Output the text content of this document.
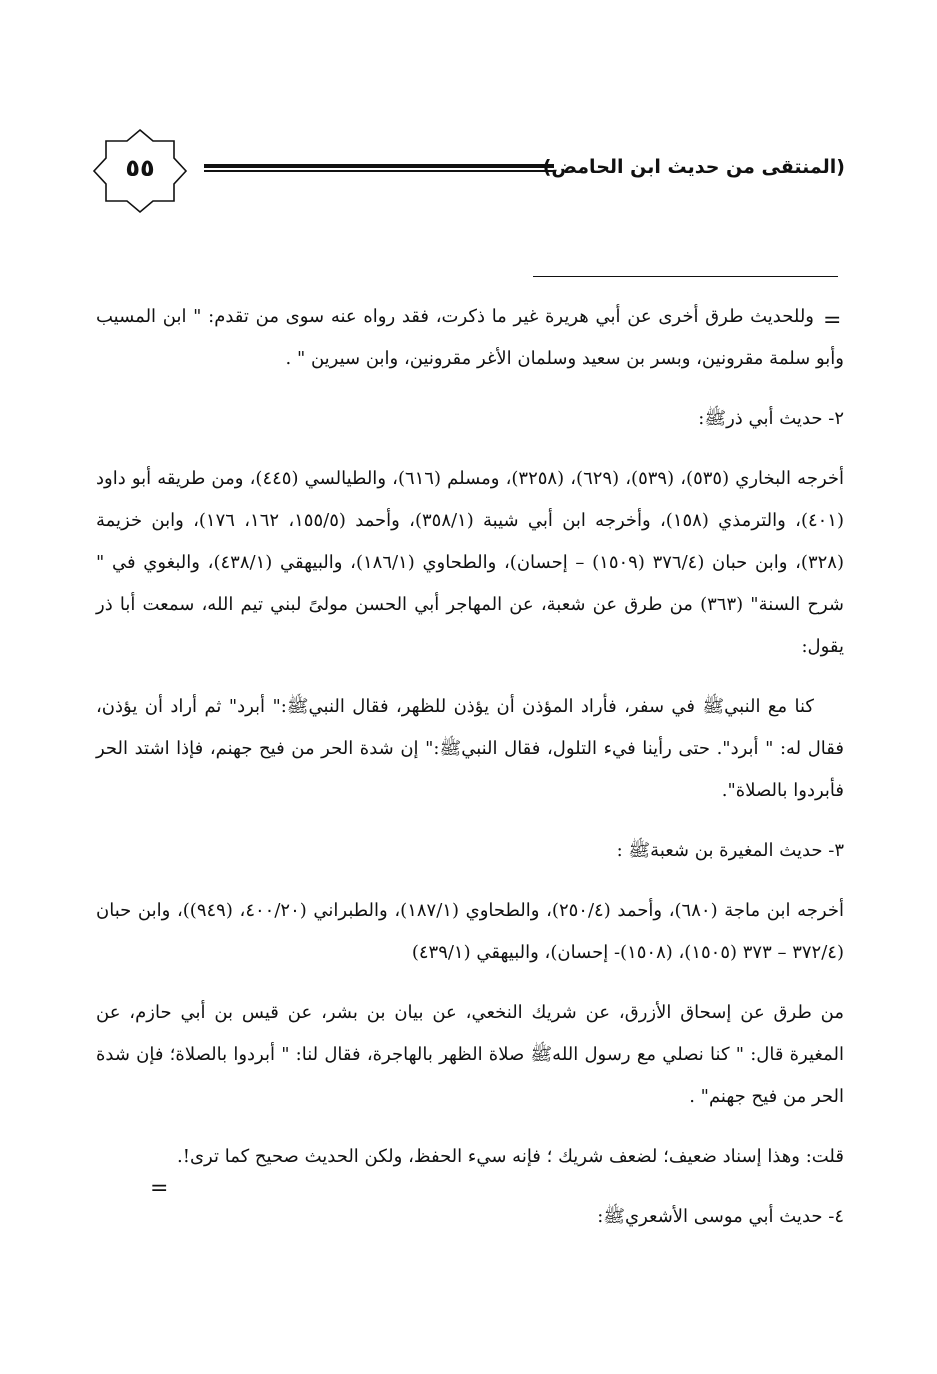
٥٥	(المنتقى من حديث ابن الحامض)
=

وللحديث طرق أخرى عن أبي هريرة غير ما ذكرت، فقد رواه عنه سوى من تقدم: " ابن المسيب وأبو سلمة مقرونين، وبسر بن سعيد وسلمان الأغر مقرونين، وابن سيرين " .

٢- حديث أبي ذرﷺ:

أخرجه البخاري (٥٣٥)، (٥٣٩)، (٦٢٩)، (٣٢٥٨)، ومسلم (٦١٦)، والطيالسي (٤٤٥)، ومن طريقه أبو داود (٤٠١)، والترمذي (١٥٨)، وأخرجه ابن أبي شيبة (٣٥٨/١)، وأحمد (١٥٥/٥، ١٦٢، ١٧٦)، وابن خزيمة (٣٢٨)، وابن حبان (٣٧٦/٤ (١٥٠٩) – إحسان)، والطحاوي (١٨٦/١)، والبيهقي (٤٣٨/١)، والبغوي في " شرح السنة" (٣٦٣) من طرق عن شعبة، عن المهاجر أبي الحسن مولىً لبني تيم الله، سمعت أبا ذر يقول:

كنا مع النبيﷺ في سفر، فأراد المؤذن أن يؤذن للظهر، فقال النبيﷺ:" أبرد" ثم أراد أن يؤذن، فقال له: " أبرد". حتى رأينا فيء التلول، فقال النبيﷺ:" إن شدة الحر من فيح جهنم، فإذا اشتد الحر فأبردوا بالصلاة".

٣- حديث المغيرة بن شعبةﷺ :

أخرجه ابن ماجة (٦٨٠)، وأحمد (٢٥٠/٤)، والطحاوي (١٨٧/١)، والطبراني (٤٠٠/٢٠، (٩٤٩))، وابن حبان (٣٧٢/٤ – ٣٧٣ (١٥٠٥)، (١٥٠٨)- إحسان)، والبيهقي (٤٣٩/١)

من طرق عن إسحاق الأزرق، عن شريك النخعي، عن بيان بن بشر، عن قيس بن أبي حازم، عن المغيرة قال: " كنا نصلي مع رسول اللهﷺ صلاة الظهر بالهاجرة، فقال لنا: " أبردوا بالصلاة؛ فإن شدة الحر من فيح جهنم" .

قلت: وهذا إسناد ضعيف؛ لضعف شريك ؛ فإنه سيء الحفظ، ولكن الحديث صحيح كما ترى!.

٤- حديث أبي موسى الأشعريﷺ:

=
